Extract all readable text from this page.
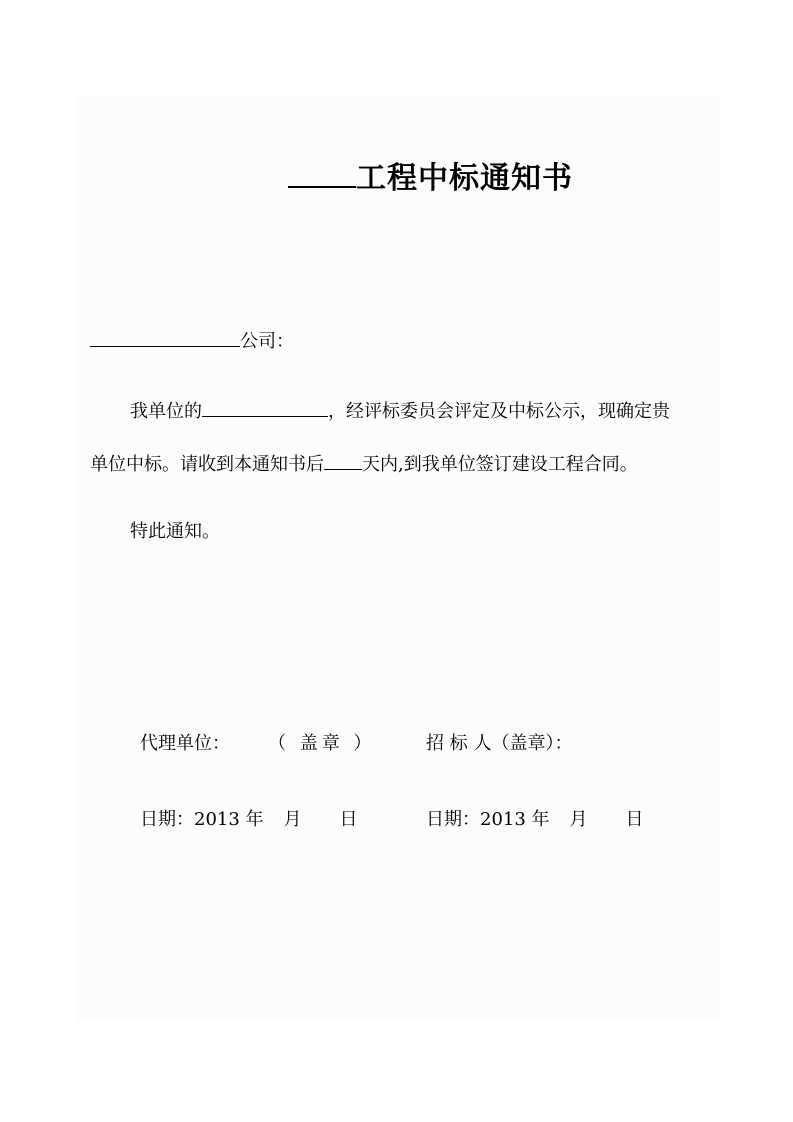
工程中标通知书
公司：
我单位的	，经评标委员会评定及中标公示，现确定贵
单位中标。请收到本通知书后 天内,到我单位签订建设工程合同。
特此通知。
代理单位： （ 盖章 ）	招 标 人（盖章）：
日期：2013 年 月 日	日期：2013 年 月 日
